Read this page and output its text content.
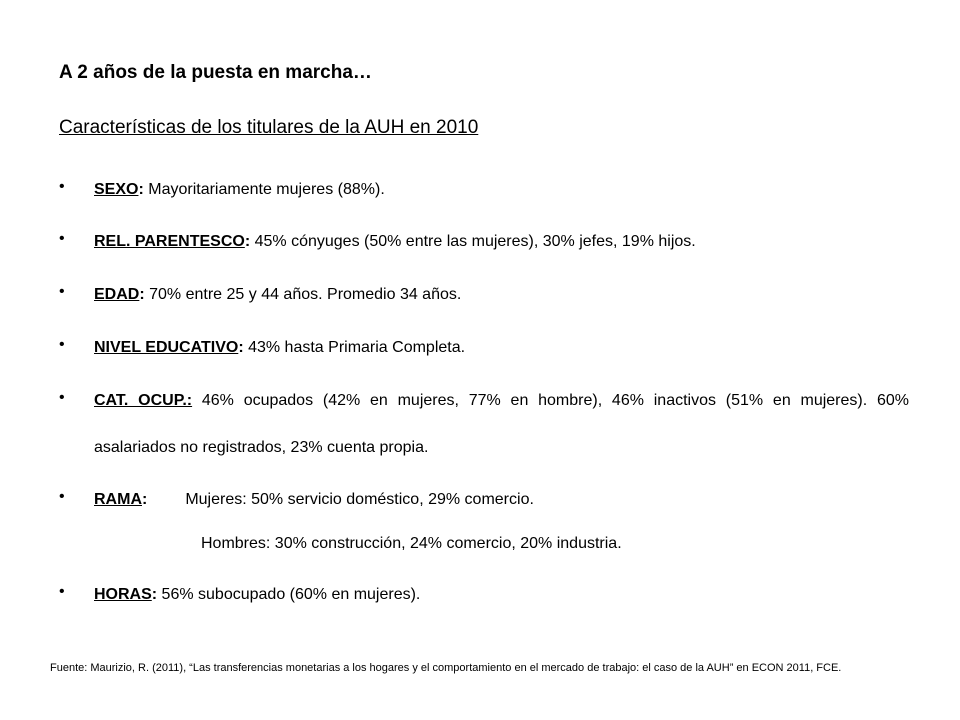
A 2 años de la puesta en marcha…
Características de los titulares de la AUH en 2010
• SEXO: Mayoritariamente mujeres (88%).
• REL. PARENTESCO: 45% cónyuges (50% entre las mujeres), 30% jefes, 19% hijos.
• EDAD: 70% entre 25 y 44 años. Promedio 34 años.
• NIVEL EDUCATIVO: 43% hasta Primaria Completa.
• CAT. OCUP.: 46% ocupados (42% en mujeres, 77% en hombre), 46% inactivos (51% en mujeres). 60% asalariados no registrados, 23% cuenta propia.
• RAMA: Mujeres: 50% servicio doméstico, 29% comercio.
Hombres: 30% construcción, 24% comercio, 20% industria.
• HORAS: 56% subocupado (60% en mujeres).
Fuente: Maurizio, R. (2011), “Las transferencias monetarias a los hogares y el comportamiento en el mercado de trabajo: el caso de la AUH” en ECON 2011, FCE.
